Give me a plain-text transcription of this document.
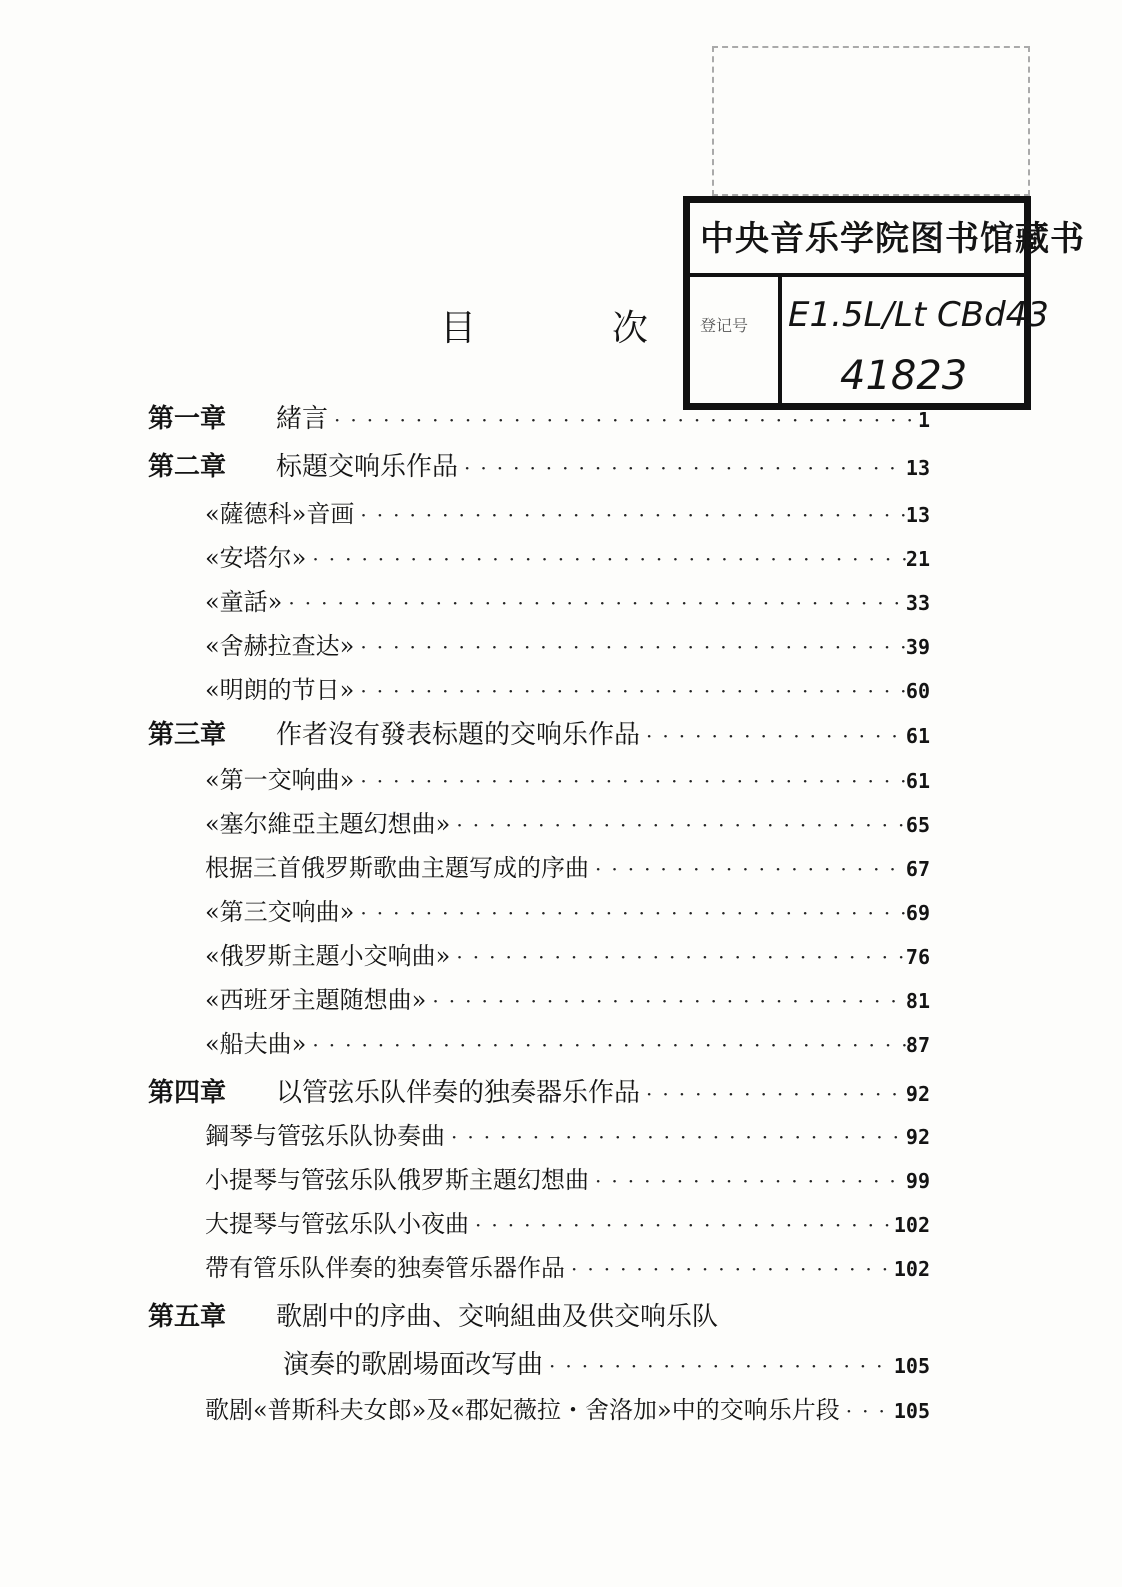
目	次
中央音乐学院图书馆藏书
登记号	E1.5L/Lt CBd43
41823
第一章 緒言 ·····	1
第二章 标題交响乐作品 ·····	13
«薩德科»音画 ·····	13
«安塔尔» ·····	21
«童話» ·····	33
«舍赫拉查达» ·····	39
«明朗的节日» ·····	60
第三章 作者沒有發表标題的交响乐作品 ·····	61
«第一交响曲» ·····	61
«塞尔維亞主題幻想曲» ·····	65
根据三首俄罗斯歌曲主題写成的序曲 ·····	67
«第三交响曲» ·····	69
«俄罗斯主題小交响曲» ·····	76
«西班牙主題随想曲» ·····	81
«船夫曲» ·····	87
第四章 以管弦乐队伴奏的独奏器乐作品 ·····	92
鋼琴与管弦乐队协奏曲 ·····	92
小提琴与管弦乐队俄罗斯主題幻想曲 ·····	99
大提琴与管弦乐队小夜曲 ·····	102
帶有管乐队伴奏的独奏管乐器作品 ·····	102
第五章 歌剧中的序曲、交响組曲及供交响乐队
演奏的歌剧場面改写曲 ·····	105
歌剧«普斯科夫女郎»及«郡妃薇拉・舍洛加»中的交响乐片段 ·····	105
